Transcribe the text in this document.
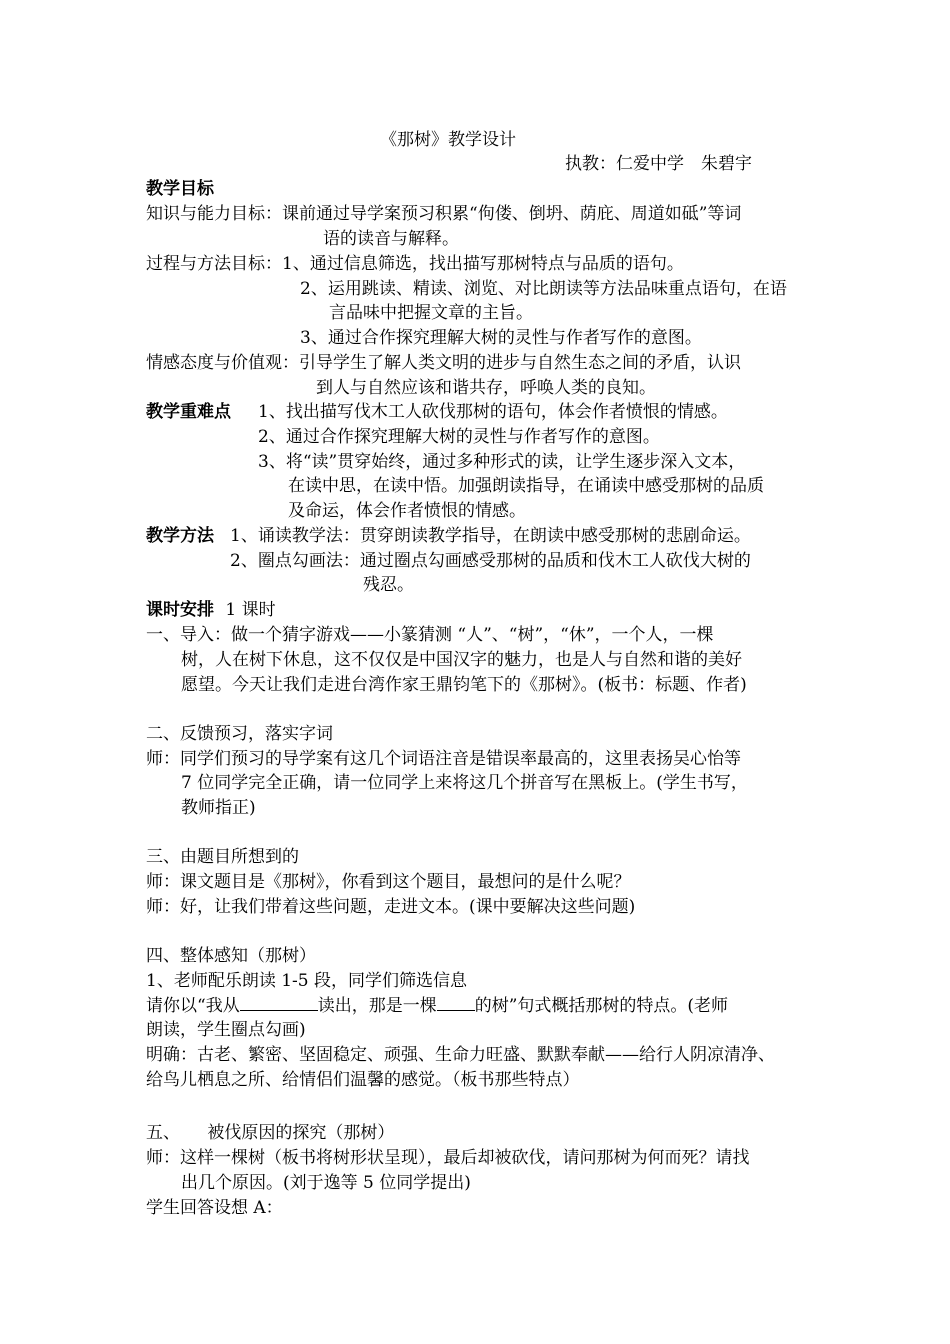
《那树》教学设计
执教：仁爱中学　朱碧宇
教学目标
知识与能力目标：课前通过导学案预习积累“佝偻、倒坍、荫庇、周道如砥”等词
语的读音与解释。
过程与方法目标：1、通过信息筛选，找出描写那树特点与品质的语句。
2、运用跳读、精读、浏览、对比朗读等方法品味重点语句，在语
言品味中把握文章的主旨。
3、通过合作探究理解大树的灵性与作者写作的意图。
情感态度与价值观：引导学生了解人类文明的进步与自然生态之间的矛盾，认识
到人与自然应该和谐共存，呼唤人类的良知。
教学重难点 1、找出描写伐木工人砍伐那树的语句，体会作者愤恨的情感。
2、通过合作探究理解大树的灵性与作者写作的意图。
3、将“读”贯穿始终，通过多种形式的读，让学生逐步深入文本，
在读中思，在读中悟。加强朗读指导，在诵读中感受那树的品质
及命运，体会作者愤恨的情感。
教学方法 1、诵读教学法：贯穿朗读教学指导，在朗读中感受那树的悲剧命运。
2、圈点勾画法：通过圈点勾画感受那树的品质和伐木工人砍伐大树的
残忍。
课时安排 1 课时
一、导入：做一个猜字游戏——小篆猜测 “人”、“树”，“休”，一个人，一棵
树，人在树下休息，这不仅仅是中国汉字的魅力，也是人与自然和谐的美好
愿望。今天让我们走进台湾作家王鼎钧笔下的《那树》。(板书：标题、作者)
二、反馈预习，落实字词
师：同学们预习的导学案有这几个词语注音是错误率最高的，这里表扬吴心怡等
7 位同学完全正确，请一位同学上来将这几个拼音写在黑板上。(学生书写，
教师指正)
三、由题目所想到的
师：课文题目是《那树》，你看到这个题目，最想问的是什么呢？
师：好，让我们带着这些问题，走进文本。(课中要解决这些问题)
四、整体感知（那树）
1、老师配乐朗读 1-5 段，同学们筛选信息
请你以“我从	读出，那是一棵 的树”句式概括那树的特点。(老师
朗读，学生圈点勾画)
明确：古老、繁密、坚固稳定、顽强、生命力旺盛、默默奉献——给行人阴凉清净、
给鸟儿栖息之所、给情侣们温馨的感觉。（板书那些特点）
五、 被伐原因的探究（那树）
师：这样一棵树（板书将树形状呈现），最后却被砍伐，请问那树为何而死？请找
出几个原因。(刘于逸等 5 位同学提出)
学生回答设想 A：
